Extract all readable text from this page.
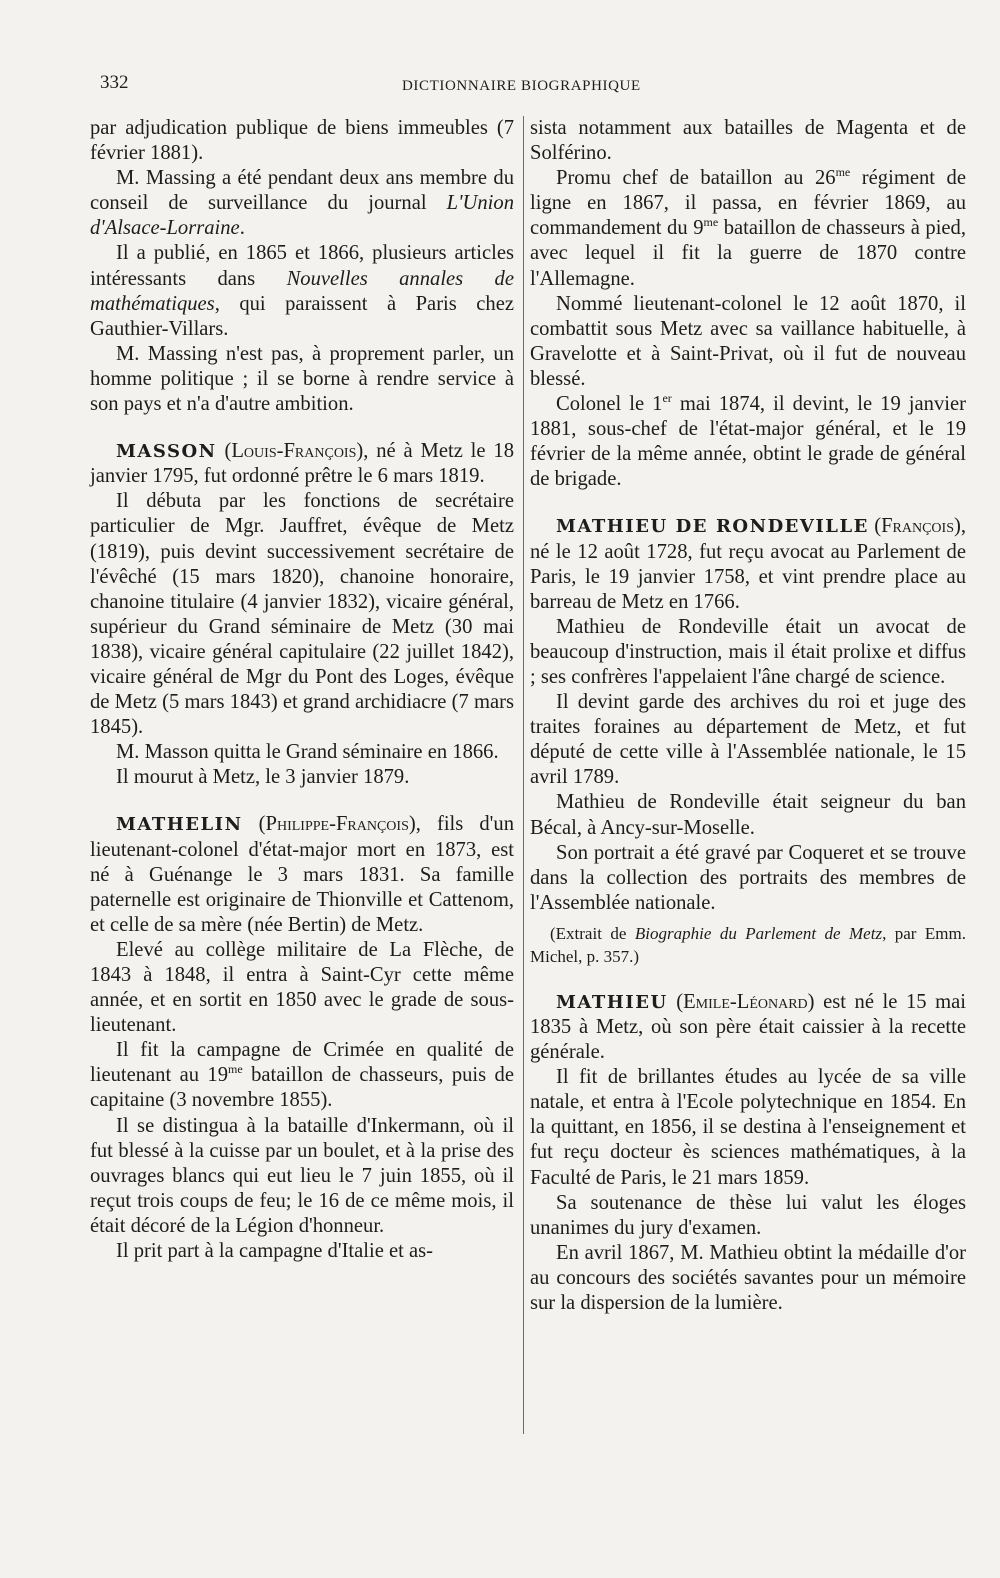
332	DICTIONNAIRE BIOGRAPHIQUE

par adjudication publique de biens immeubles (7 février 1881).

M. Massing a été pendant deux ans membre du conseil de surveillance du journal L'Union d'Alsace-Lorraine.

Il a publié, en 1865 et 1866, plusieurs articles intéressants dans Nouvelles annales de mathématiques, qui paraissent à Paris chez Gauthier-Villars.

M. Massing n'est pas, à proprement parler, un homme politique ; il se borne à rendre service à son pays et n'a d'autre ambition.

MASSON (Louis-François), né à Metz le 18 janvier 1795, fut ordonné prêtre le 6 mars 1819.

Il débuta par les fonctions de secrétaire particulier de Mgr. Jauffret, évêque de Metz (1819), puis devint successivement secrétaire de l'évêché (15 mars 1820), chanoine honoraire, chanoine titulaire (4 janvier 1832), vicaire général, supérieur du Grand séminaire de Metz (30 mai 1838), vicaire général capitulaire (22 juillet 1842), vicaire général de Mgr du Pont des Loges, évêque de Metz (5 mars 1843) et grand archidiacre (7 mars 1845).

M. Masson quitta le Grand séminaire en 1866.

Il mourut à Metz, le 3 janvier 1879.

MATHELIN (Philippe-François), fils d'un lieutenant-colonel d'état-major mort en 1873, est né à Guénange le 3 mars 1831. Sa famille paternelle est originaire de Thionville et Cattenom, et celle de sa mère (née Bertin) de Metz.

Elevé au collège militaire de La Flèche, de 1843 à 1848, il entra à Saint-Cyr cette même année, et en sortit en 1850 avec le grade de sous-lieutenant.

Il fit la campagne de Crimée en qualité de lieutenant au $19^{me}$ bataillon de chasseurs, puis de capitaine (3 novembre 1855).

Il se distingua à la bataille d'Inkermann, où il fut blessé à la cuisse par un boulet, et à la prise des ouvrages blancs qui eut lieu le 7 juin 1855, où il reçut trois coups de feu; le 16 de ce même mois, il était décoré de la Légion d'honneur.

Il prit part à la campagne d'Italie et as-

sista notamment aux batailles de Magenta et de Solférino.

Promu chef de bataillon au $26^{me}$ régiment de ligne en 1867, il passa, en février 1869, au commandement du $9^{me}$ bataillon de chasseurs à pied, avec lequel il fit la guerre de 1870 contre l'Allemagne.

Nommé lieutenant-colonel le 12 août 1870, il combattit sous Metz avec sa vaillance habituelle, à Gravelotte et à Saint-Privat, où il fut de nouveau blessé.

Colonel le 1er mai 1874, il devint, le 19 janvier 1881, sous-chef de l'état-major général, et le 19 février de la même année, obtint le grade de général de brigade.

MATHIEU DE RONDEVILLE (François), né le 12 août 1728, fut reçu avocat au Parlement de Paris, le 19 janvier 1758, et vint prendre place au barreau de Metz en 1766.

Mathieu de Rondeville était un avocat de beaucoup d'instruction, mais il était prolixe et diffus ; ses confrères l'appelaient l'âne chargé de science.

Il devint garde des archives du roi et juge des traites foraines au département de Metz, et fut député de cette ville à l'Assemblée nationale, le 15 avril 1789.

Mathieu de Rondeville était seigneur du ban Bécal, à Ancy-sur-Moselle.

Son portrait a été gravé par Coqueret et se trouve dans la collection des portraits des membres de l'Assemblée nationale.

(Extrait de Biographie du Parlement de Metz, par Emm. Michel, p. 357.)

MATHIEU (Emile-Léonard) est né le 15 mai 1835 à Metz, où son père était caissier à la recette générale.

Il fit de brillantes études au lycée de sa ville natale, et entra à l'Ecole polytechnique en 1854. En la quittant, en 1856, il se destina à l'enseignement et fut reçu docteur ès sciences mathématiques, à la Faculté de Paris, le 21 mars 1859.

Sa soutenance de thèse lui valut les éloges unanimes du jury d'examen.

En avril 1867, M. Mathieu obtint la médaille d'or au concours des sociétés savantes pour un mémoire sur la dispersion de la lumière.
